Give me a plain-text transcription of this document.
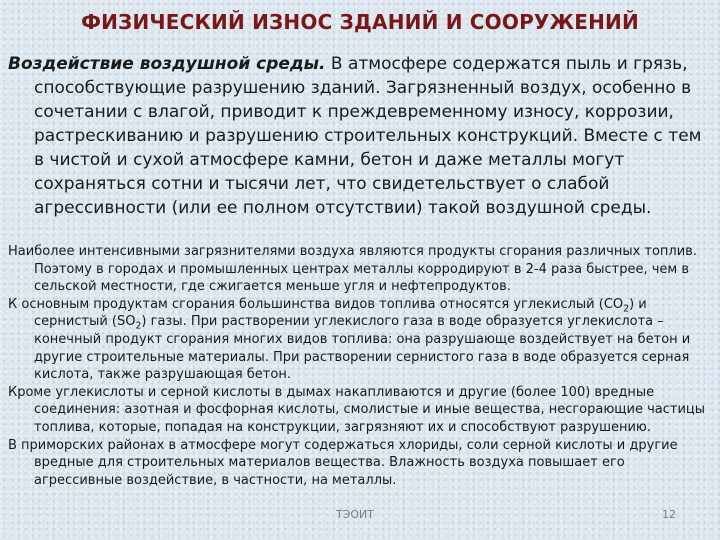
ФИЗИЧЕСКИЙ ИЗНОС ЗДАНИЙ И СООРУЖЕНИЙ
Воздействие воздушной среды. В атмосфере содержатся пыль и грязь, способствующие разрушению зданий. Загрязненный воздух, особенно в сочетании с влагой, приводит к преждевременному износу, коррозии, растрескиванию и разрушению строительных конструкций. Вместе с тем в чистой и сухой атмосфере камни, бетон и даже металлы могут сохраняться сотни и тысячи лет, что свидетельствует о слабой агрессивности (или ее полном отсутствии) такой воздушной среды.

Наиболее интенсивными загрязнителями воздуха являются продукты сгорания различных топлив. Поэтому в городах и промышленных центрах металлы корродируют в 2-4 раза быстрее, чем в сельской местности, где сжигается меньше угля и нефтепродуктов.

К основным продуктам сгорания большинства видов топлива относятся углекислый $(СО_2)$ и сернистый $(SO_2)$ газы. При растворении углекислого газа в воде образуется углекислота – конечный продукт сгорания многих видов топлива: она разрушающе воздействует на бетон и другие строительные материалы. При растворении сернистого газа в воде образуется серная кислота, также разрушающая бетон.

Кроме углекислоты и серной кислоты в дымах накапливаются и другие (более 100) вредные соединения: азотная и фосфорная кислоты, смолистые и иные вещества, несгорающие частицы топлива, которые, попадая на конструкции, загрязняют их и способствуют разрушению.

В приморских районах в атмосфере могут содержаться хлориды, соли серной кислоты и другие вредные для строительных материалов вещества. Влажность воздуха повышает его агрессивные воздействие, в частности, на металлы.

ТЭОИТ	12
